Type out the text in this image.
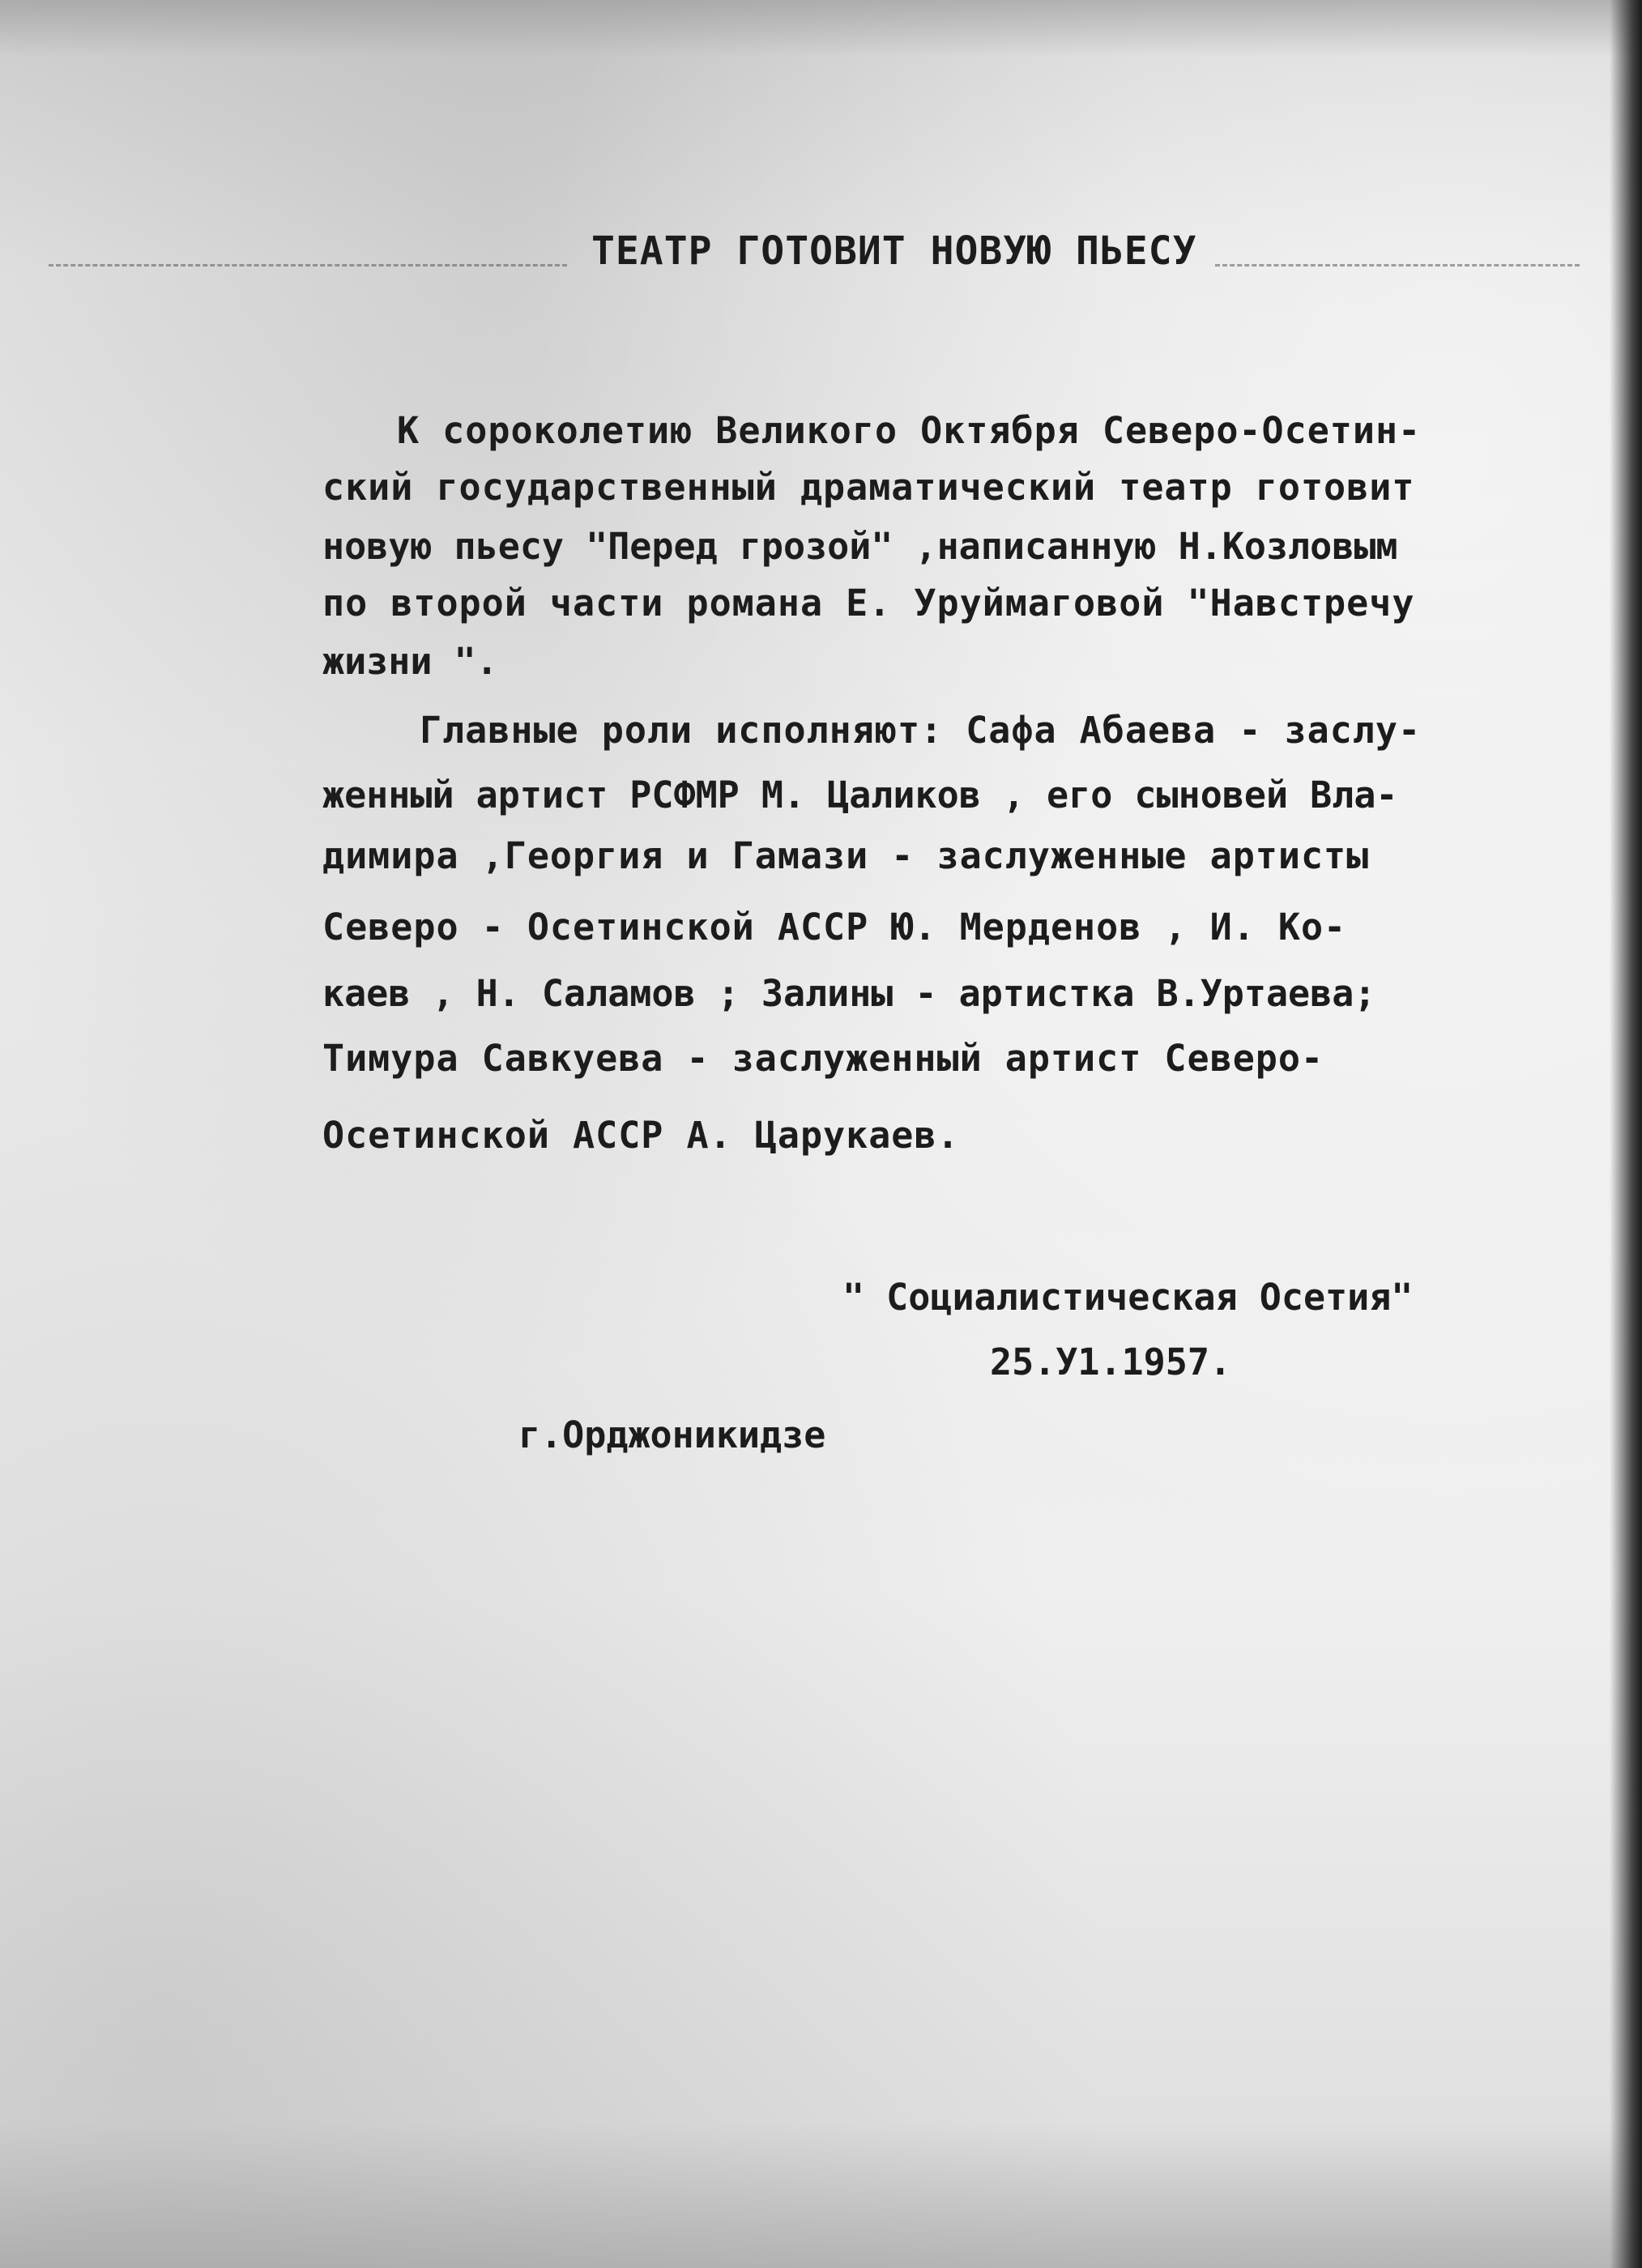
ТЕАТР ГОТОВИТ НОВУЮ ПЬЕСУ
К сороколетию Великого Октября Северо-Осетин-
ский государственный драматический театр готовит
новую пьесу "Перед грозой" ,написанную Н.Козловым
по второй части романа Е. Уруймаговой "Навстречу
жизни ".
Главные роли исполняют: Сафа Абаева - заслу-
женный артист РСФМР М. Цаликов , его сыновей Вла-
димира ,Георгия и Гамази - заслуженные артисты
Северо - Осетинской АССР Ю. Мерденов , И. Ко-
каев , Н. Саламов ; Залины - артистка В.Уртаева;
Тимура Савкуева - заслуженный артист Северо-
Осетинской АССР А. Царукаев.
" Социалистическая Осетия"
25.У1.1957.
г.Орджоникидзе
